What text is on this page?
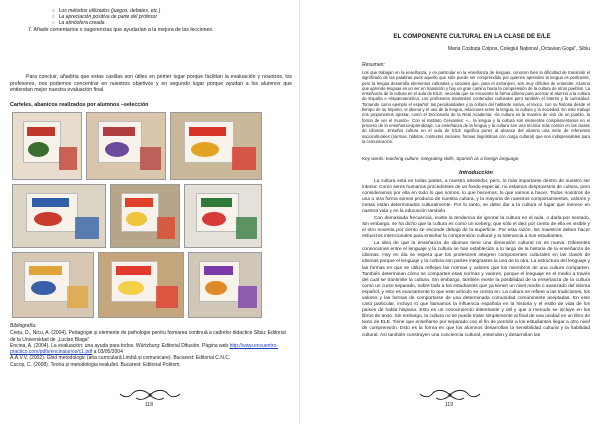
○ Los métodos utilizados (juegos, debates, etc.)
○ La apreciación positiva de parte del profesor
○ La atmósfera creada
7. Añade comentarios o sugerencias que ayudarían a la mejora de las lecciones.
Para concluir, añadiría que estas casillas son útiles en primer lugar porque facilitan la evaluación y nosotros, los profesores, nos podemos concentrar en nuestros objetivos y en segundo lugar porque ayudan a los alumnos que entiendan mejor nuestra evaluación final.
Carteles, abanicos realizados por alumnos –selección
Bibliografía:
Crețu, D., Nicu, A. (2004). Pedagogie și elemente de psihologie pentru formarea continuă a cadrelor didactice Sibiu: Editorial de la Universidad de „Lucian Blaga"
Encina, A. (2004). La evaluación; una ayuda para todos. Würtzburg: Editorial Difusión. Página web http://www.encuentro-practico.com/pdfs/encinalarios/c1.pdf a 03/05/2004
A.A.V.V. (2002). Ghid metodologic (aria curriculară Limbă și comunicare). Bucarest: Editorial C.N.C.
Cucoș, C. (2008). Teoria și metodologia evaluării. Bucarest: Editorial Polirom.
118
EL COMPONENTE CULTURAL EN LA CLASE DE E/LE
Maria Cosbuța Colpos, Colegiul Național „Octavian Goga", Sibiu
Resumen:
Los que trabajan en la enseñanza, y en particular en la enseñanza de lenguas, conocen bien la dificultad de transmitir el significado de las palabras pues aquello que sólo puede ser comprendido por quienes aprenden la lengua es pertinente, pero la lengua desarrolla elementos culturales y sociales que, para el extranjero, son muy difíciles de entender. Alumno que aprende lenguas es un ser en transición y hay un gran camino hacia la comprensión de la cultura de otros pueblos. La enseñanza de la cultura en el aula de E/LE, necesita que se encuentre la forma idónea para acercar al alumno a la cultura de España e Hispanoamérica. Los profesores transmiten contenidos culturales pero también el interés y la curiosidad. Tomando como ejemplo el español: las peculiaridades y la cultura del hablante nativo, el léxico, con su historia desde el tiempo de su Imperio, el idioma y el uso de la lengua, relaciones entre la lengua, la cultura y la sociedad. En este trabajo nos proponemos aportar, como el Diccionario de la Real Academia: «la cultura es la manera de vivir de un pueblo, la forma de ver el mundo». Con el Instituto Cervantes: «... la lengua y la cultura son elementos complementarios en el proceso de la enseñanza-aprendizaje. La enseñanza de la lengua y la cultura son una técnica más común en las clases de idiomas. Enseñar cultura en el aula de E/LE significa poner al alcance del alumno una serie de referentes socioculturales (normas, hábitos, contextos sociales, formas lingüísticas con carga cultural) que son indispensables para la comunicación.
Key words: teaching culture, integrating skills, Spanish as a foreign language.
Introducción

La cultura está en todas partes, a nuestro alrededor, pero, lo más importante dentro de nuestro ser interior. Como seres humanos procedentes de un fondo especial, no estamos desprovistos de cultura, pero consideramos por ella en todo lo que somos, lo que hacemos, lo que vamos a hacer. Todos nosotros de una u otra forma somos producto de nuestra cultura, y la mayoría de nuestros comportamientos, valores y metas están determinados culturalmente. Por lo tanto, se debe dar a la cultura el lugar que merece en nuestra vida y en la educación también.

Con demasiada frecuencia, existe la tendencia de ignorar la cultura en el aula, o darla por sentado. Sin embargo, se ha dicho que la cultura es como un iceberg, que sólo el diez por ciento de ella es visible y el otro noventa por ciento se esconde debajo de la superficie. Por esta razón, los maestros deben hacer esfuerzos intencionales para enseñar la comprensión cultural y la tolerancia a sus estudiantes.

La idea de que la enseñanza de idiomas tiene una dimensión cultural no es nueva. Diferentes connociones entre el lenguaje y la cultura se han establecido a lo largo de la historia de la enseñanza de idiomas. Hoy en día se espera que los profesores integren componentes culturales en las clases de idiomas porque el lenguaje y la cultura son partes integrantes la una de la otra. La estructura del lenguaje y las formas en que se utiliza reflejan las normas y valores que los miembros de una cultura comparten. También determinan cómo se comparten esas normas y valores, porque el lenguaje es el medio a través del cual se transmite la cultura. Sin embargo, también existe la posibilidad de la enseñanza de la cultura como un curso separado, sobre todo a los estudiantes que ya tienen un nivel medio o avanzado del idioma español, y esto es exactamente lo que este artículo se centra en. La cultura se refiere a las tradiciones, los valores y las formas de comportarse de una determinada comunidad comúnmente aceptadas. En este caso particular, incluyo lo que llamamos la influencia española en la historia y el estilo de vida de los países de habla hispana. Esto es un conocimiento interesante y útil y que a menudo se incluye en los libros de texto. Sin embargo, la cultura no se puede tratar simplemente al final de una unidad en un libro de texto de ELE. Tiene que enseñarse por separado con el fin de permitir a los estudiantes llegar a otro nivel de comprensión. Esto es la forma en que los alumnos desarrollan la sensibilidad cultural y la habilidad cultural. Así también construyen una conciencia cultural, entienden y desarrollan las

119
